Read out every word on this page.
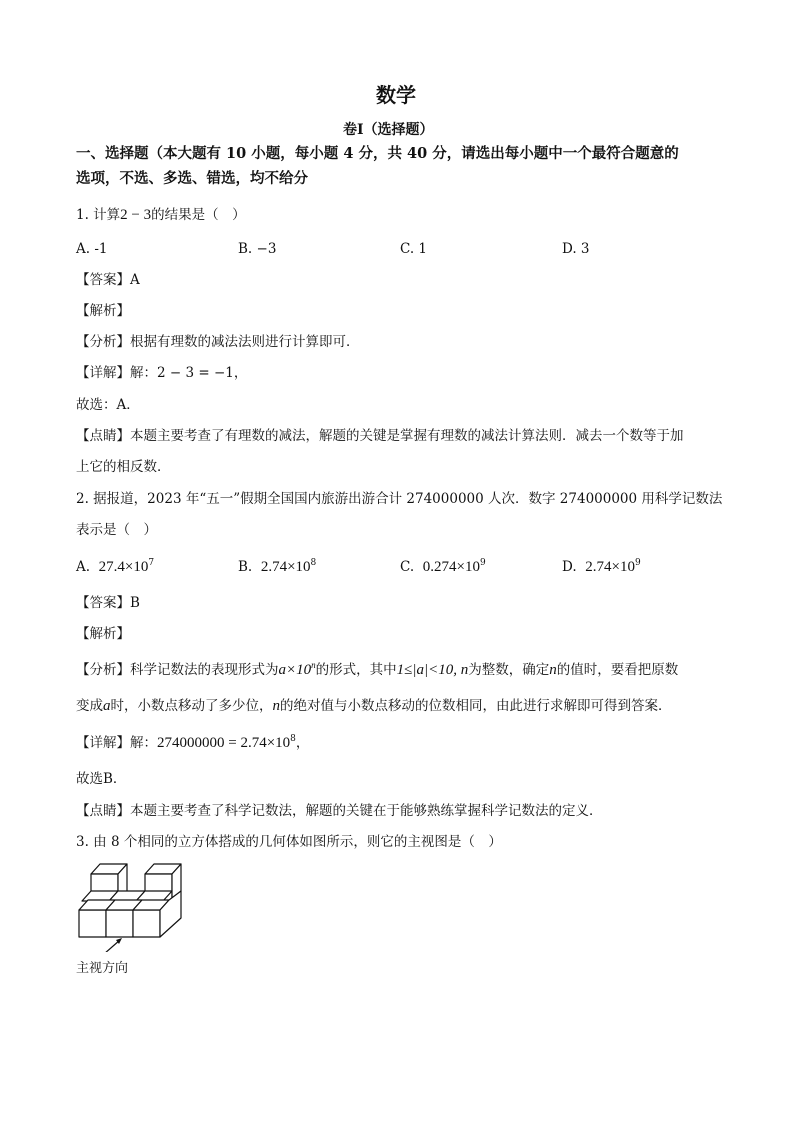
数学
卷Ⅰ（选择题）
一、选择题（本大题有 10 小题，每小题 4 分，共 40 分，请选出每小题中一个最符合题意的
选项，不选、多选、错选，均不给分
1. 计算2 − 3的结果是（　）
A. -1	B. −3	C. 1	D. 3
【答案】A
【解析】
【分析】根据有理数的减法法则进行计算即可．
【详解】解：2 − 3 = −1，
故选：A．
【点睛】本题主要考查了有理数的减法，解题的关键是掌握有理数的减法计算法则．减去一个数等于加
上它的相反数．
2. 据报道，2023 年“五一”假期全国国内旅游出游合计 274000000 人次．数字 274000000 用科学记数法
表示是（　）
A. $27.4\times 10^7$	B. $2.74\times 10^8$	C. $0.274\times 10^9$	D. $2.74\times 10^9$
【答案】B
【解析】
【分析】科学记数法的表现形式为$a\times 10^n$的形式，其中1≤|a|<10, n为整数，确定n的值时，要看把原数
变成a时，小数点移动了多少位，n的绝对值与小数点移动的位数相同，由此进行求解即可得到答案．
【详解】解：$274000000 = 2.74\times 10^8$，
故选B．
【点睛】本题主要考查了科学记数法，解题的关键在于能够熟练掌握科学记数法的定义．
3. 由 8 个相同的立方体搭成的几何体如图所示，则它的主视图是（　）
主视方向
